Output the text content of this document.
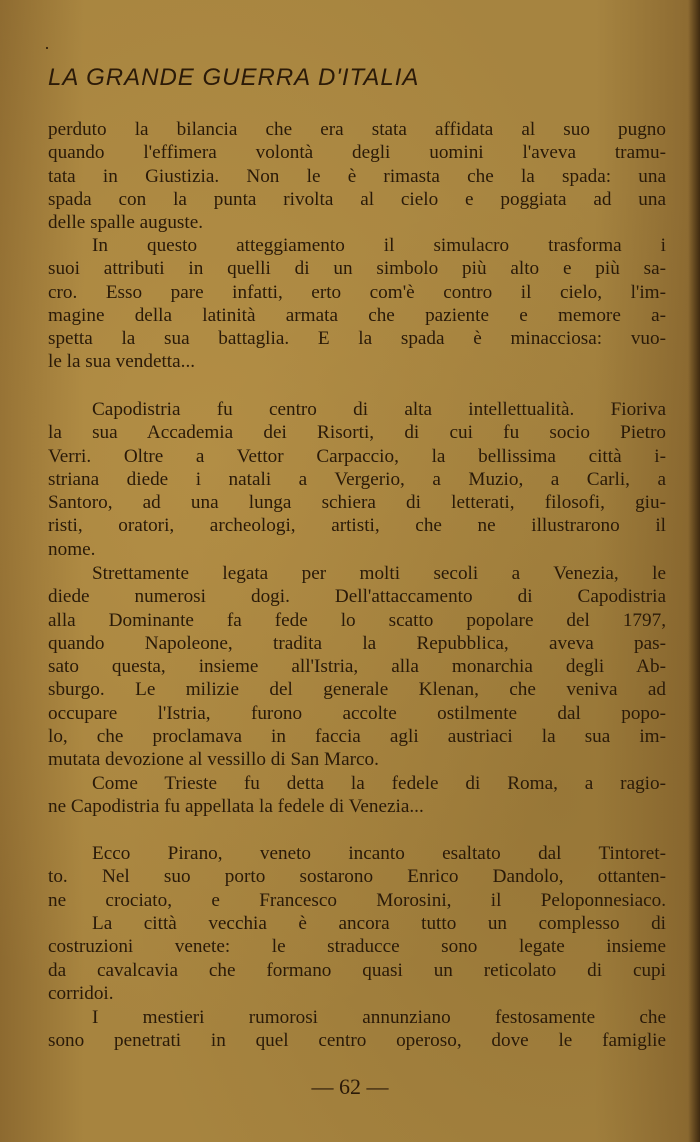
·
LA GRANDE GUERRA D'ITALIA
perduto la bilancia che era stata affidata al suo pugno
quando l'effimera volontà degli uomini l'aveva tramu-
tata in Giustizia. Non le è rimasta che la spada: una
spada con la punta rivolta al cielo e poggiata ad una
delle spalle auguste.
In questo atteggiamento il simulacro trasforma i
suoi attributi in quelli di un simbolo più alto e più sa-
cro. Esso pare infatti, erto com'è contro il cielo, l'im-
magine della latinità armata che paziente e memore a-
spetta la sua battaglia. E la spada è minacciosa: vuo-
le la sua vendetta...
Capodistria fu centro di alta intellettualità. Fioriva
la sua Accademia dei Risorti, di cui fu socio Pietro
Verri. Oltre a Vettor Carpaccio, la bellissima città i-
striana diede i natali a Vergerio, a Muzio, a Carli, a
Santoro, ad una lunga schiera di letterati, filosofi, giu-
risti, oratori, archeologi, artisti, che ne illustrarono il
nome.
Strettamente legata per molti secoli a Venezia, le
diede numerosi dogi. Dell'attaccamento di Capodistria
alla Dominante fa fede lo scatto popolare del 1797,
quando Napoleone, tradita la Repubblica, aveva pas-
sato questa, insieme all'Istria, alla monarchia degli Ab-
sburgo. Le milizie del generale Klenan, che veniva ad
occupare l'Istria, furono accolte ostilmente dal popo-
lo, che proclamava in faccia agli austriaci la sua im-
mutata devozione al vessillo di San Marco.
Come Trieste fu detta la fedele di Roma, a ragio-
ne Capodistria fu appellata la fedele di Venezia...
Ecco Pirano, veneto incanto esaltato dal Tintoret-
to. Nel suo porto sostarono Enrico Dandolo, ottanten-
ne crociato, e Francesco Morosini, il Peloponnesiaco.
La città vecchia è ancora tutto un complesso di
costruzioni venete: le straducce sono legate insieme
da cavalcavia che formano quasi un reticolato di cupi
corridoi.
I mestieri rumorosi annunziano festosamente che
sono penetrati in quel centro operoso, dove le famiglie
— 62 —
